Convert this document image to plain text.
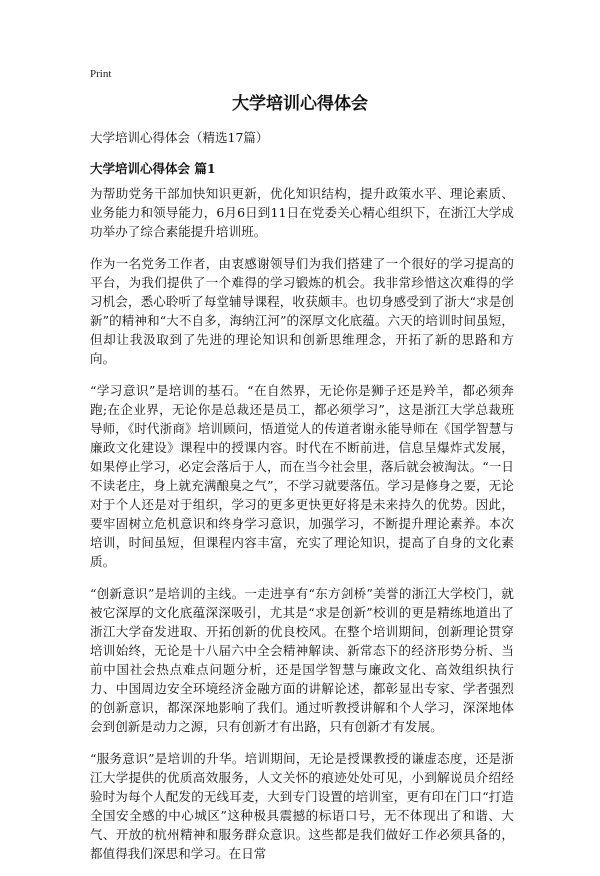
Print
大学培训心得体会
大学培训心得体会（精选17篇）
大学培训心得体会 篇1

为帮助党务干部加快知识更新，优化知识结构，提升政策水平、理论素质、业务能力和领导能力，6月6日到11日在党委关心精心组织下，在浙江大学成功举办了综合素能提升培训班。

作为一名党务工作者，由衷感谢领导们为我们搭建了一个很好的学习提高的平台，为我们提供了一个难得的学习锻炼的机会。我非常珍惜这次难得的学习机会，悉心聆听了每堂辅导课程，收获颇丰。也切身感受到了浙大“求是创新”的精神和“大不自多，海纳江河”的深厚文化底蕴。六天的培训时间虽短，但却让我汲取到了先进的理论知识和创新思维理念，开拓了新的思路和方向。

“学习意识”是培训的基石。“在自然界，无论你是狮子还是羚羊，都必须奔跑;在企业界，无论你是总裁还是员工，都必须学习”，这是浙江大学总裁班导师，《时代浙商》培训顾问，悟道觉人的传道者谢永能导师在《国学智慧与廉政文化建设》课程中的授课内容。时代在不断前进，信息呈爆炸式发展，如果停止学习，必定会落后于人，而在当今社会里，落后就会被淘汰。“一日不读老庄，身上就充满酿臭之气”，不学习就要落伍。学习是修身之要，无论对于个人还是对于组织，学习的更多更快更好将是未来持久的优势。因此，要牢固树立危机意识和终身学习意识，加强学习，不断提升理论素养。本次培训，时间虽短，但课程内容丰富，充实了理论知识，提高了自身的文化素质。

“创新意识”是培训的主线。一走进享有“东方剑桥”美誉的浙江大学校门，就被它深厚的文化底蕴深深吸引，尤其是“求是创新”校训的更是精练地道出了浙江大学奋发进取、开拓创新的优良校风。在整个培训期间，创新理论贯穿培训始终，无论是十八届六中全会精神解读、新常态下的经济形势分析、当前中国社会热点难点问题分析，还是国学智慧与廉政文化、高效组织执行力、中国周边安全环境经济金融方面的讲解论述，都彰显出专家、学者强烈的创新意识，都深深地影响了我们。通过听教授讲解和个人学习，深深地体会到创新是动力之源，只有创新才有出路，只有创新才有发展。

“服务意识”是培训的升华。培训期间，无论是授课教授的谦虚态度，还是浙江大学提供的优质高效服务，人文关怀的痕迹处处可见，小到解说员介绍经验时为每个人配发的无线耳麦，大到专门设置的培训室，更有印在门口“打造全国安全感的中心城区”这种极具震撼的标语口号，无不体现出了和谐、大气、开放的杭州精神和服务群众意识。这些都是我们做好工作必须具备的，都值得我们深思和学习。在日常
